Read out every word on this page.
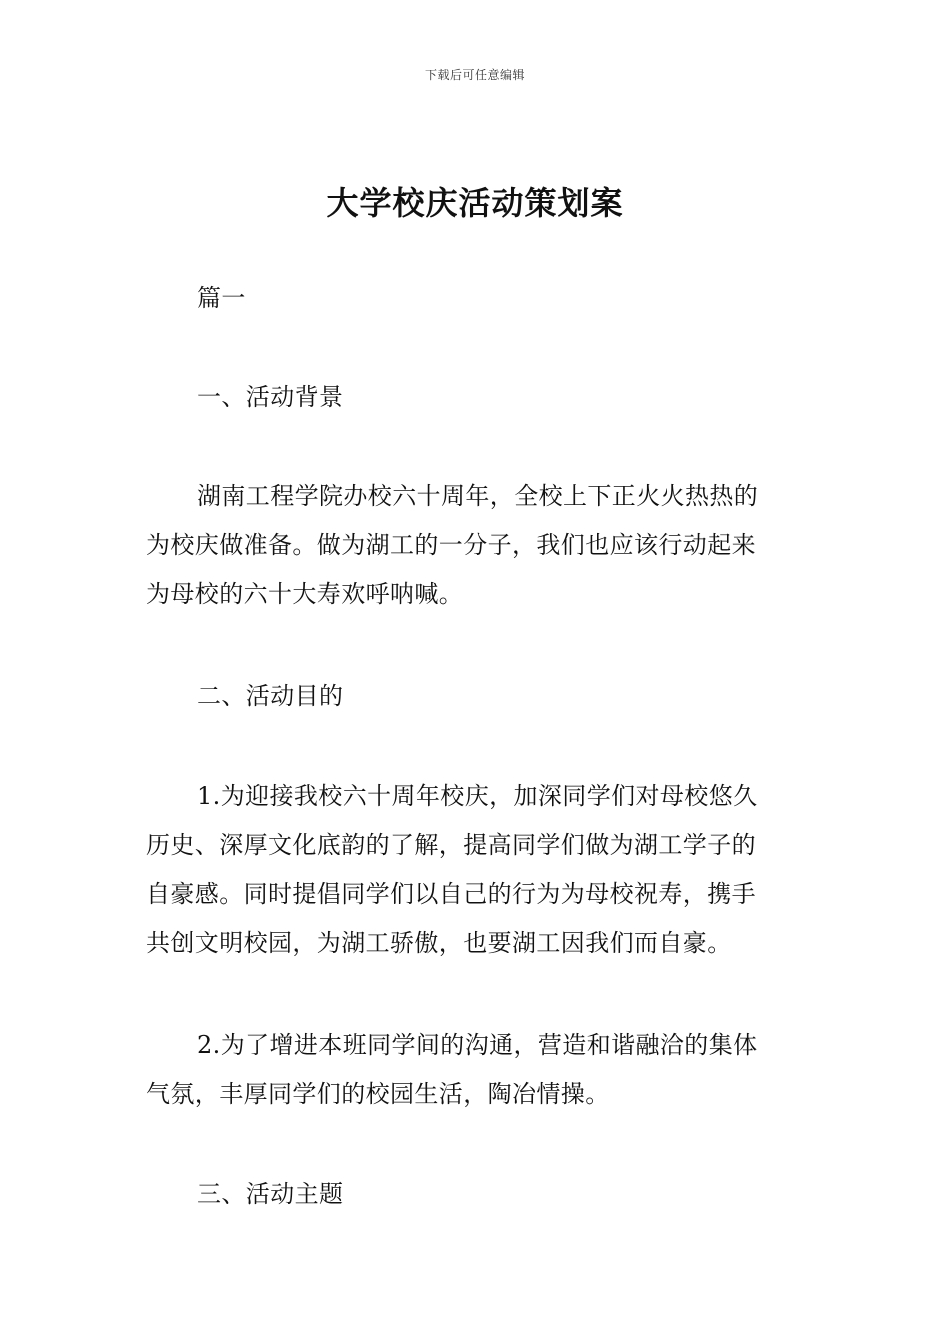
下载后可任意编辑
大学校庆活动策划案
篇一
一、活动背景
湖南工程学院办校六十周年，全校上下正火火热热的
为校庆做准备。做为湖工的一分子，我们也应该行动起来
为母校的六十大寿欢呼呐喊。
二、活动目的
1.为迎接我校六十周年校庆，加深同学们对母校悠久
历史、深厚文化底韵的了解，提高同学们做为湖工学子的
自豪感。同时提倡同学们以自己的行为为母校祝寿，携手
共创文明校园，为湖工骄傲，也要湖工因我们而自豪。
2.为了增进本班同学间的沟通，营造和谐融洽的集体
气氛，丰厚同学们的校园生活，陶冶情操。
三、活动主题
